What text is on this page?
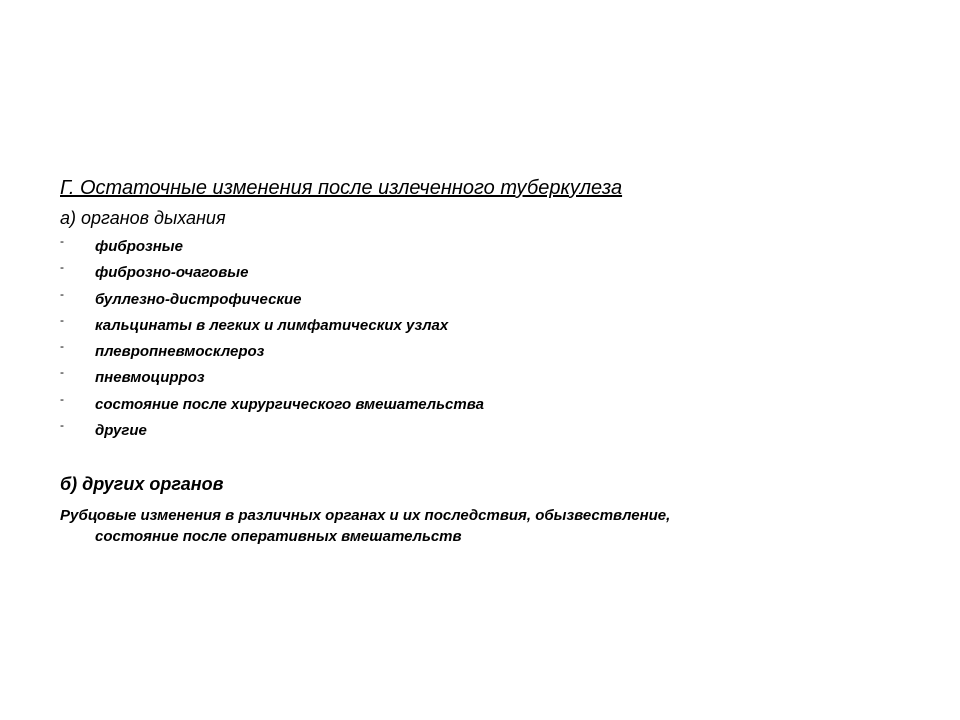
Г. Остаточные изменения после излеченного туберкулеза
а) органов дыхания
- фиброзные
- фиброзно-очаговые
- буллезно-дистрофические
- кальцинаты в легких и лимфатических узлах
- плевропневмосклероз
- пневмоцирроз
- состояние после хирургического вмешательства
- другие
б) других органов
Рубцовые изменения в различных органах и их последствия, обызвествление,
состояние после оперативных вмешательств
